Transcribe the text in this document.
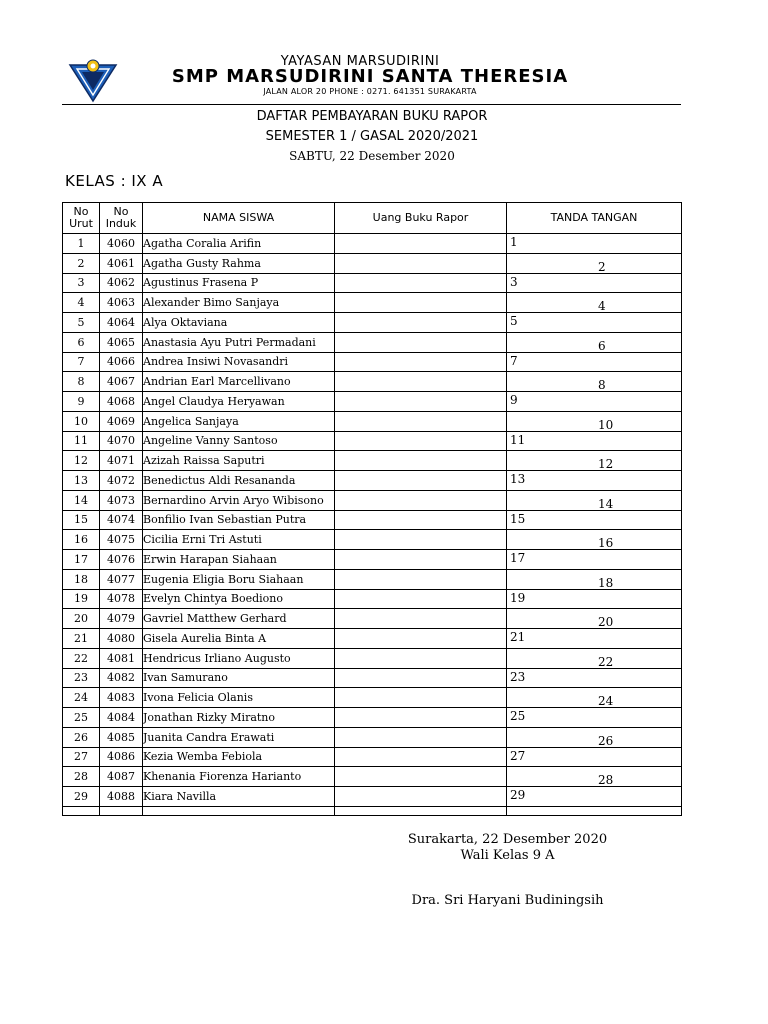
YAYASAN MARSUDIRINI
SMP MARSUDIRINI SANTA THERESIA
JALAN ALOR 20 PHONE : 0271. 641351 SURAKARTA
DAFTAR PEMBAYARAN BUKU RAPOR
SEMESTER 1 / GASAL 2020/2021
SABTU, 22 Desember 2020
KELAS : IX A
No Urut	No Induk	NAMA SISWA	Uang Buku Rapor	TANDA TANGAN
1	4060	Agatha Coralia Arifin		1

2	4061	Agatha Gusty Rahma		2

3	4062	Agustinus Frasena P		3

4	4063	Alexander Bimo Sanjaya		4

5	4064	Alya Oktaviana		5

6	4065	Anastasia Ayu Putri Permadani		6

7	4066	Andrea Insiwi Novasandri		7

8	4067	Andrian Earl Marcellivano		8

9	4068	Angel Claudya Heryawan		9

10	4069	Angelica Sanjaya		10

11	4070	Angeline Vanny Santoso		11

12	4071	Azizah Raissa Saputri		12

13	4072	Benedictus Aldi Resananda		13

14	4073	Bernardino Arvin Aryo Wibisono		14

15	4074	Bonfilio Ivan Sebastian Putra		15

16	4075	Cicilia Erni Tri Astuti		16

17	4076	Erwin Harapan Siahaan		17

18	4077	Eugenia Eligia Boru Siahaan		18

19	4078	Evelyn Chintya Boediono		19

20	4079	Gavriel Matthew Gerhard		20

21	4080	Gisela Aurelia Binta A		21

22	4081	Hendricus Irliano Augusto		22

23	4082	Ivan Samurano		23

24	4083	Ivona Felicia Olanis		24

25	4084	Jonathan Rizky Miratno		25

26	4085	Juanita Candra Erawati		26

27	4086	Kezia Wemba Febiola		27

28	4087	Khenania Fiorenza Harianto		28

29	4088	Kiara Navilla		29

Surakarta, 22 Desember 2020
Wali Kelas 9 A
Dra. Sri Haryani Budiningsih
